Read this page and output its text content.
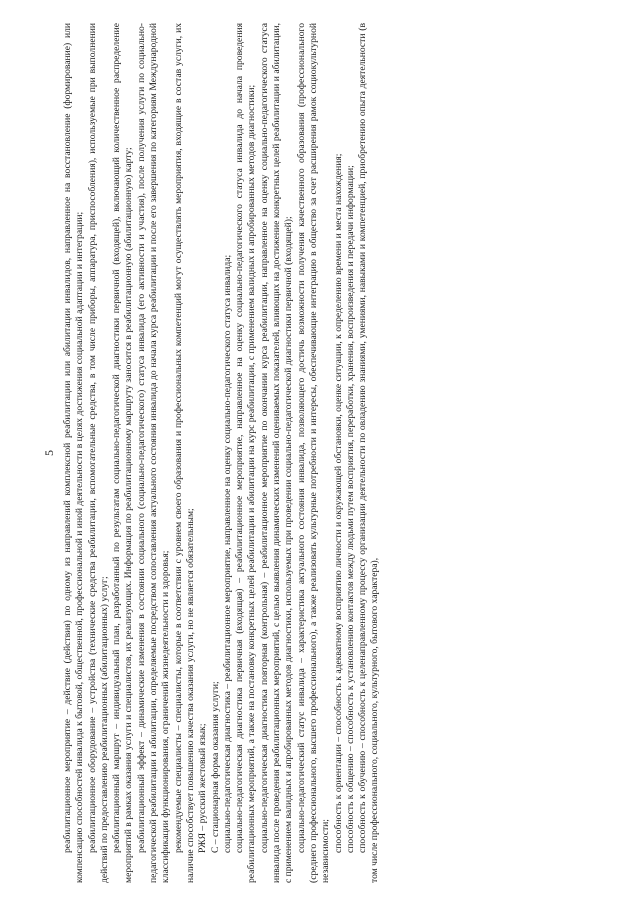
5 реабилитационное мероприятие – действие (действия) по одному из направлений комплексной реабилитации или абилитации инвалидов, направленное на восстановление (формирование) или компенсацию способностей инвалида к бытовой, общественной, профессиональной и иной деятельности в целях достижения социальной адаптации и интеграции; реабилитационное оборудование – устройства (технические средства реабилитации, вспомогательные средства, в том числе приборы, аппаратура, приспособления), используемые при выполнении действий по предоставлению реабилитационных (абилитационных) услуг; реабилитационный маршрут – индивидуальный план, разработанный по результатам социально-педагогической диагностики первичной (входящей), включающий количественное распределение мероприятий в рамках оказания услуги и специалистов, их реализующих. Информация по реабилитационному маршруту заносится в реабилитационную (абилитационную) карту; реабилитационный эффект – динамические изменения в состоянии социального (социально-педагогического) статуса инвалида (его активности и участия), после получения услуги по социально-педагогической реабилитации и абилитации, определяемые посредством сопоставления актуального состояния инвалида до начала курса реабилитации и после его завершения по категориям Международной классификации функционирования, ограничений жизнедеятельности и здоровья; рекомендуемые специалисты – специалисты, которые в соответствии с уровнем своего образования и профессиональных компетенций могут осуществлять мероприятия, входящие в состав услуги, их наличие способствует повышению качества оказания услуги, но не является обязательным; РЖЯ – русский жестовый язык; С – стационарная форма оказания услуги; социально-педагогическая диагностика – реабилитационное мероприятие, направленное на оценку социально-педагогического статуса инвалида; социально-педагогическая диагностика первичная (входящая) – реабилитационное мероприятие, направленное на оценку социально-педагогического статуса инвалида до начала проведения реабилитационных мероприятий, а также на постановку конкретных целей реабилитации и абилитации на курс реабилитации, с применением валидных и апробированных методов диагностики; социально-педагогическая диагностика повторная (контрольная) – реабилитационное мероприятие по окончании курса реабилитации, направленное на оценку социально-педагогического статуса инвалида после проведения реабилитационных мероприятий, с целью выявления динамических изменений оцениваемых показателей, влияющих на достижение конкретных целей реабилитации и абилитации, с применением валидных и апробированных методов диагностики, используемых при проведении социально-педагогической диагностики первичной (входящей); социально-педагогический статус инвалида – характеристика актуального состояния инвалида, позволяющего достичь возможности получения качественного образования (профессионального (среднего профессионального, высшего профессионального), а также реализовать культурные потребности и интересы, обеспечивающие интеграцию в общество за счет расширения рамок социокультурной независимости; способность к ориентации – способность к адекватному восприятию личности и окружающей обстановки, оценке ситуации, к определению времени и места нахождения; способность к общению – способность к установлению контактов между людьми путем восприятия, переработки, хранения, воспроизведения и передачи информации; способность к обучению – способность к целенаправленному процессу организации деятельности по овладению знаниями, умениями, навыками и компетенцией, приобретению опыта деятельности (в том числе профессионального, социального, культурного, бытового характера),
